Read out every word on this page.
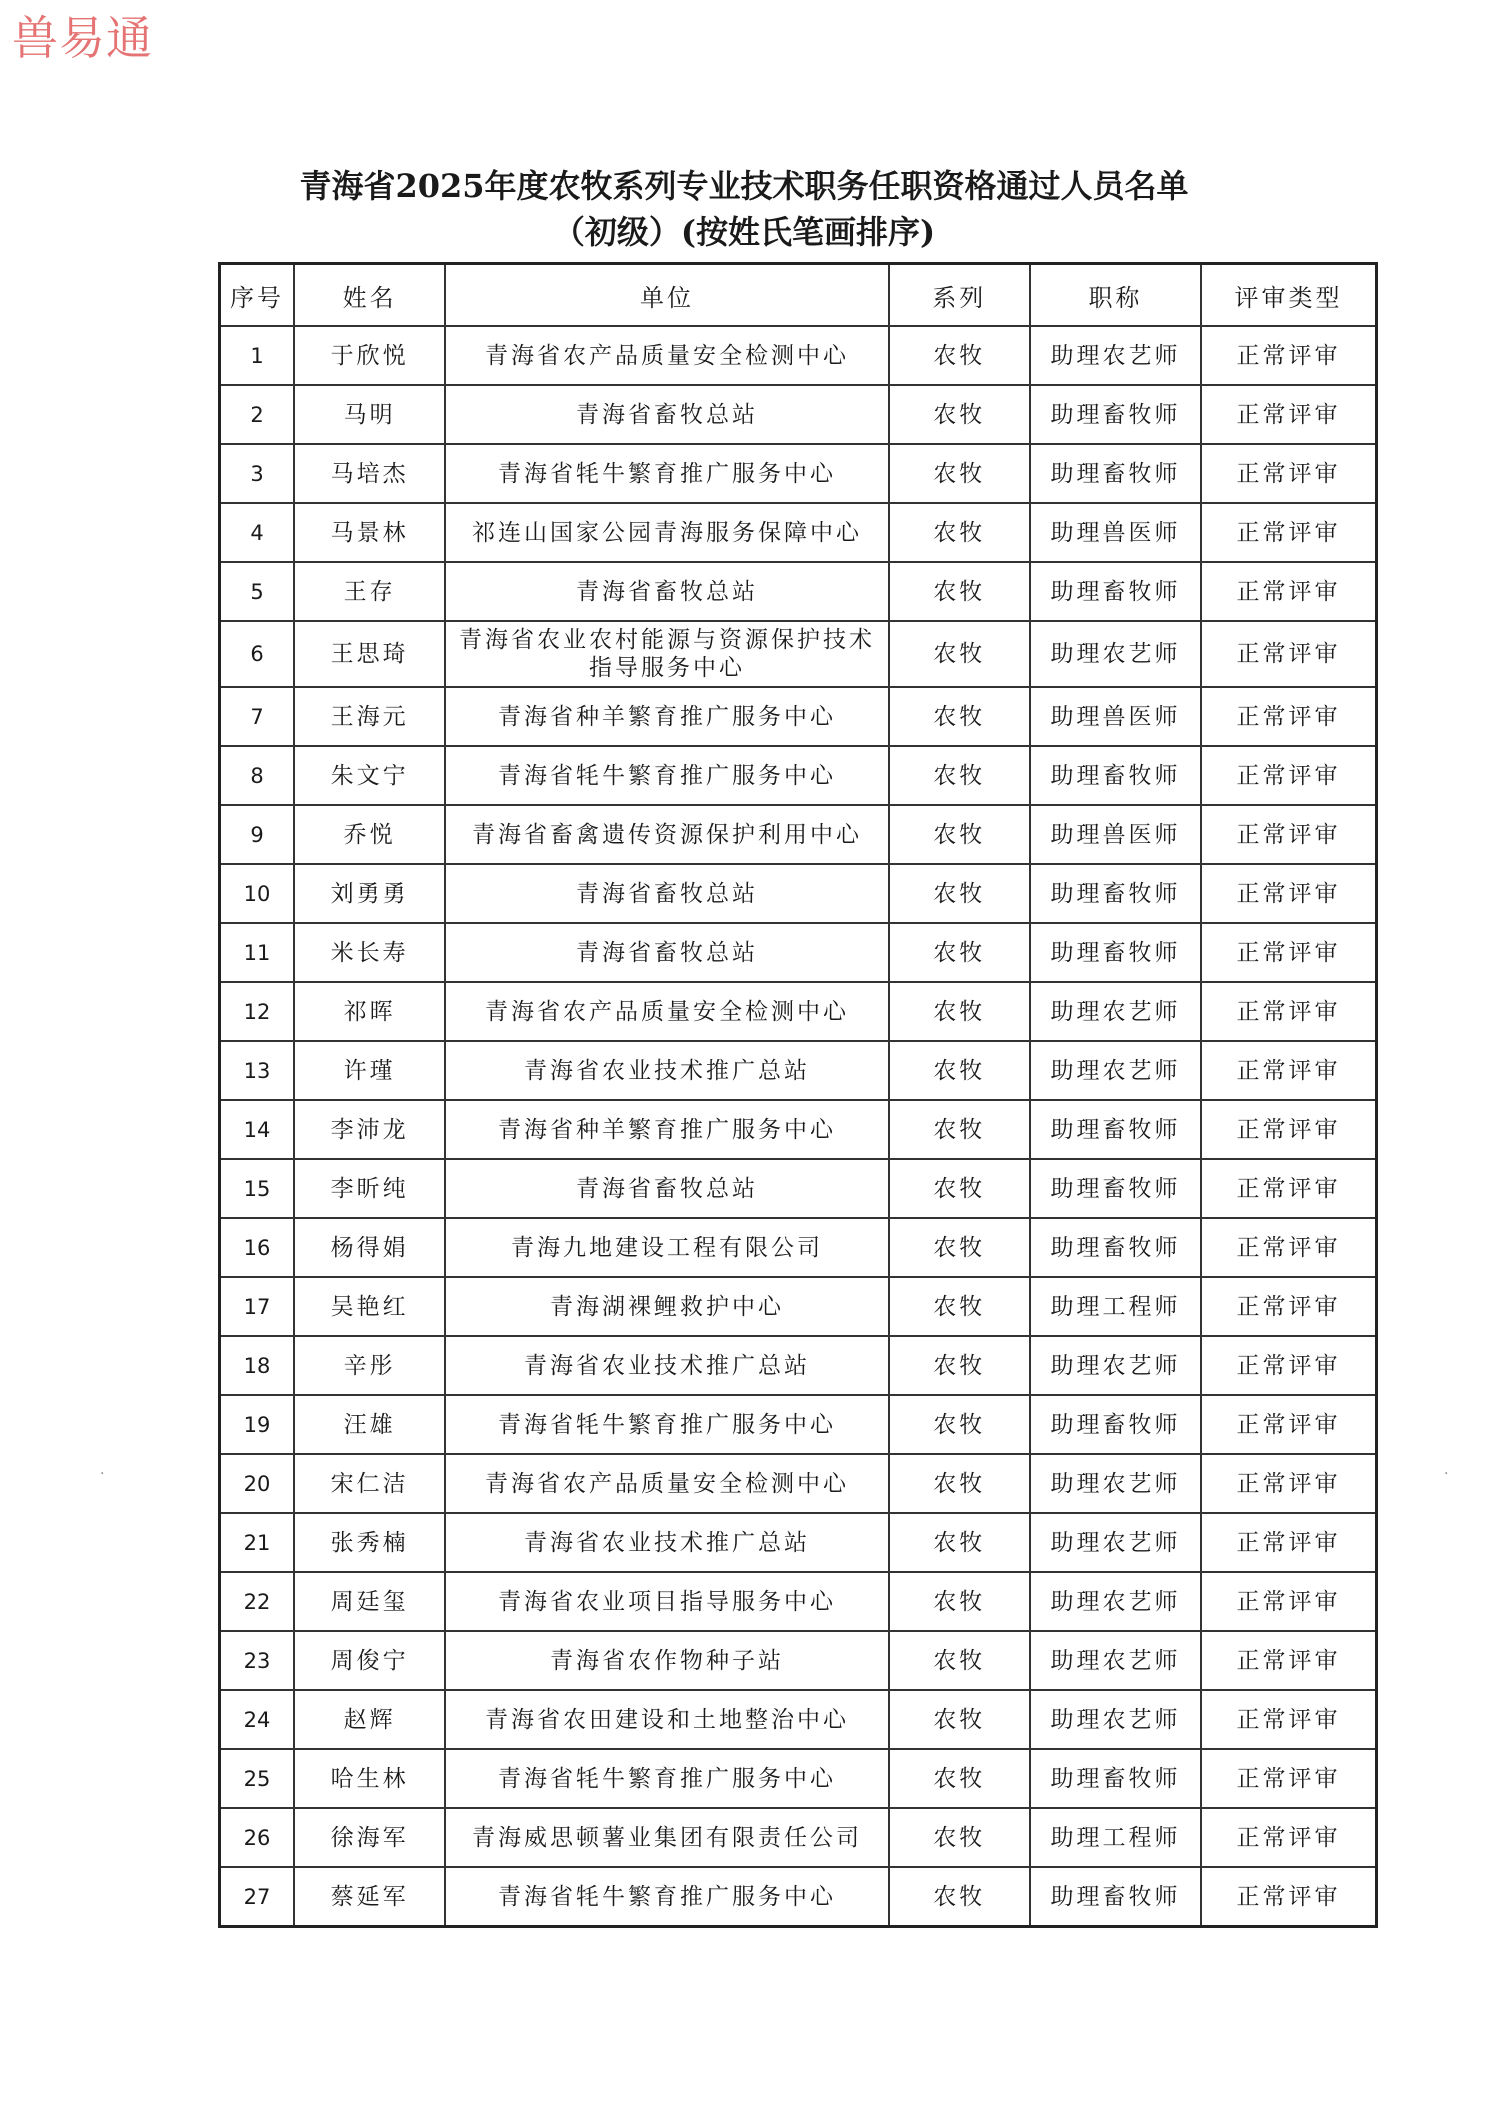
兽易通
青海省2025年度农牧系列专业技术职务任职资格通过人员名单
（初级）(按姓氏笔画排序)
序号	姓名	单位	系列	职称	评审类型
1	于欣悦	青海省农产品质量安全检测中心	农牧	助理农艺师	正常评审
2	马明	青海省畜牧总站	农牧	助理畜牧师	正常评审
3	马培杰	青海省牦牛繁育推广服务中心	农牧	助理畜牧师	正常评审
4	马景林	祁连山国家公园青海服务保障中心	农牧	助理兽医师	正常评审
5	王存	青海省畜牧总站	农牧	助理畜牧师	正常评审
6	王思琦	青海省农业农村能源与资源保护技术指导服务中心	农牧	助理农艺师	正常评审
7	王海元	青海省种羊繁育推广服务中心	农牧	助理兽医师	正常评审
8	朱文宁	青海省牦牛繁育推广服务中心	农牧	助理畜牧师	正常评审
9	乔悦	青海省畜禽遗传资源保护利用中心	农牧	助理兽医师	正常评审
10	刘勇勇	青海省畜牧总站	农牧	助理畜牧师	正常评审
11	米长寿	青海省畜牧总站	农牧	助理畜牧师	正常评审
12	祁晖	青海省农产品质量安全检测中心	农牧	助理农艺师	正常评审
13	许瑾	青海省农业技术推广总站	农牧	助理农艺师	正常评审
14	李沛龙	青海省种羊繁育推广服务中心	农牧	助理畜牧师	正常评审
15	李昕纯	青海省畜牧总站	农牧	助理畜牧师	正常评审
16	杨得娟	青海九地建设工程有限公司	农牧	助理畜牧师	正常评审
17	吴艳红	青海湖裸鲤救护中心	农牧	助理工程师	正常评审
18	辛彤	青海省农业技术推广总站	农牧	助理农艺师	正常评审
19	汪雄	青海省牦牛繁育推广服务中心	农牧	助理畜牧师	正常评审
20	宋仁洁	青海省农产品质量安全检测中心	农牧	助理农艺师	正常评审
21	张秀楠	青海省农业技术推广总站	农牧	助理农艺师	正常评审
22	周廷玺	青海省农业项目指导服务中心	农牧	助理农艺师	正常评审
23	周俊宁	青海省农作物种子站	农牧	助理农艺师	正常评审
24	赵辉	青海省农田建设和土地整治中心	农牧	助理农艺师	正常评审
25	哈生林	青海省牦牛繁育推广服务中心	农牧	助理畜牧师	正常评审
26	徐海军	青海威思顿薯业集团有限责任公司	农牧	助理工程师	正常评审
27	蔡延军	青海省牦牛繁育推广服务中心	农牧	助理畜牧师	正常评审
·	·
